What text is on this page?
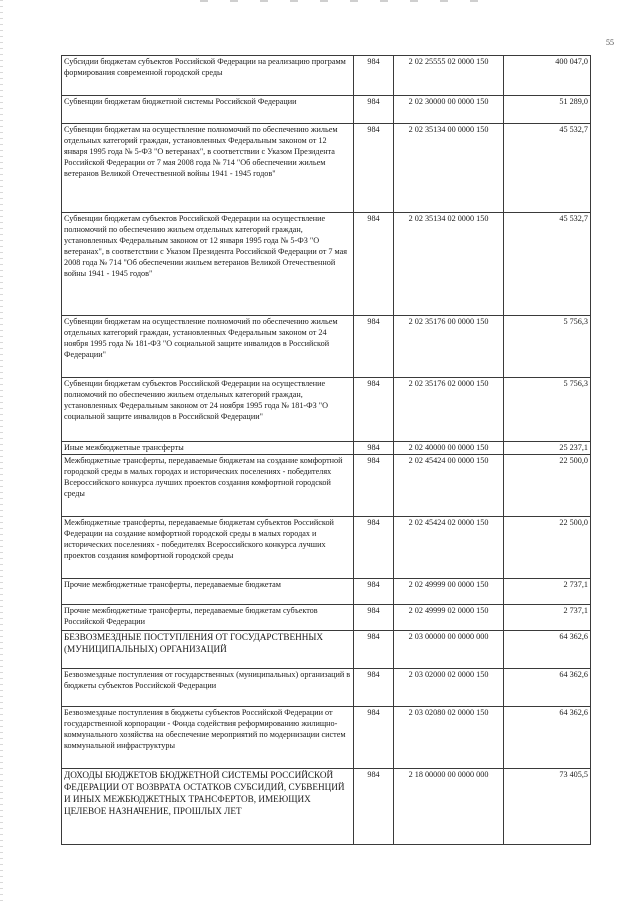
55
Субсидии бюджетам субъектов Российской Федерации на реализацию программ формирования современной городской среды	984	2 02 25555 02 0000 150	400 047,0
Субвенции бюджетам бюджетной системы Российской Федерации	984	2 02 30000 00 0000 150	51 289,0
Субвенции бюджетам на осуществление полномочий по обеспечению жильем отдельных категорий граждан, установленных Федеральным законом от 12 января 1995 года № 5-ФЗ "О ветеранах", в соответствии с Указом Президента Российской Федерации от 7 мая 2008 года № 714 "Об обеспечении жильем ветеранов Великой Отечественной войны 1941 - 1945 годов"	984	2 02 35134 00 0000 150	45 532,7
Субвенции бюджетам субъектов Российской Федерации на осуществление полномочий по обеспечению жильем отдельных категорий граждан, установленных Федеральным законом от 12 января 1995 года № 5-ФЗ "О ветеранах", в соответствии с Указом Президента Российской Федерации от 7 мая 2008 года № 714 "Об обеспечении жильем ветеранов Великой Отечественной войны 1941 - 1945 годов"	984	2 02 35134 02 0000 150	45 532,7
Субвенции бюджетам на осуществление полномочий по обеспечению жильем отдельных категорий граждан, установленных Федеральным законом от 24 ноября 1995 года № 181-ФЗ "О социальной защите инвалидов в Российской Федерации"	984	2 02 35176 00 0000 150	5 756,3
Субвенции бюджетам субъектов Российской Федерации на осуществление полномочий по обеспечению жильем отдельных категорий граждан, установленных Федеральным законом от 24 ноября 1995 года № 181-ФЗ "О социальной защите инвалидов в Российской Федерации"	984	2 02 35176 02 0000 150	5 756,3
Иные межбюджетные трансферты	984	2 02 40000 00 0000 150	25 237,1
Межбюджетные трансферты, передаваемые бюджетам на создание комфортной городской среды в малых городах и исторических поселениях - победителях Всероссийского конкурса лучших проектов создания комфортной городской среды	984	2 02 45424 00 0000 150	22 500,0
Межбюджетные трансферты, передаваемые бюджетам субъектов Российской Федерации на создание комфортной городской среды в малых городах и исторических поселениях - победителях Всероссийского конкурса лучших проектов создания комфортной городской среды	984	2 02 45424 02 0000 150	22 500,0
Прочие межбюджетные трансферты, передаваемые бюджетам	984	2 02 49999 00 0000 150	2 737,1
Прочие межбюджетные трансферты, передаваемые бюджетам субъектов Российской Федерации	984	2 02 49999 02 0000 150	2 737,1
БЕЗВОЗМЕЗДНЫЕ ПОСТУПЛЕНИЯ ОТ ГОСУДАРСТВЕННЫХ (МУНИЦИПАЛЬНЫХ) ОРГАНИЗАЦИЙ	984	2 03 00000 00 0000 000	64 362,6
Безвозмездные поступления от государственных (муниципальных) организаций в бюджеты субъектов Российской Федерации	984	2 03 02000 02 0000 150	64 362,6
Безвозмездные поступления в бюджеты субъектов Российской Федерации от государственной корпорации - Фонда содействия реформированию жилищно-коммунального хозяйства на обеспечение мероприятий по модернизации систем коммунальной инфраструктуры	984	2 03 02080 02 0000 150	64 362,6
ДОХОДЫ БЮДЖЕТОВ БЮДЖЕТНОЙ СИСТЕМЫ РОССИЙСКОЙ ФЕДЕРАЦИИ ОТ ВОЗВРАТА ОСТАТКОВ СУБСИДИЙ, СУБВЕНЦИЙ И ИНЫХ МЕЖБЮДЖЕТНЫХ ТРАНСФЕРТОВ, ИМЕЮЩИХ ЦЕЛЕВОЕ НАЗНАЧЕНИЕ, ПРОШЛЫХ ЛЕТ	984	2 18 00000 00 0000 000	73 405,5
